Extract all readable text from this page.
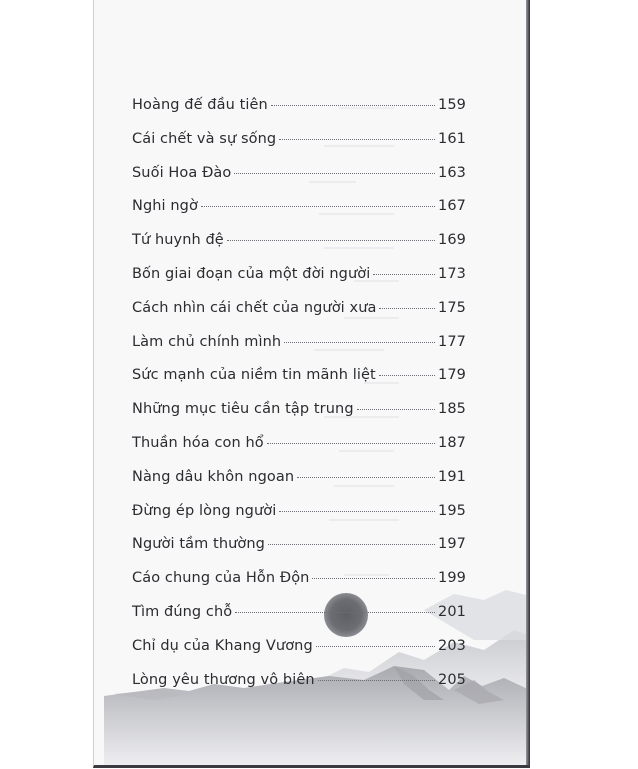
Hoàng đế đầu tiên	159
Cái chết và sự sống	161
Suối Hoa Đào	163
Nghi ngờ	167
Tứ huynh đệ	169
Bốn giai đoạn của một đời người	173
Cách nhìn cái chết của người xưa	175
Làm chủ chính mình	177
Sức mạnh của niềm tin mãnh liệt	179
Những mục tiêu cần tập trung	185
Thuần hóa con hổ	187
Nàng dâu khôn ngoan	191
Đừng ép lòng người	195
Người tầm thường	197
Cáo chung của Hỗn Độn	199
Tìm đúng chỗ	201
Chỉ dụ của Khang Vương	203
Lòng yêu thương vô biên	205
